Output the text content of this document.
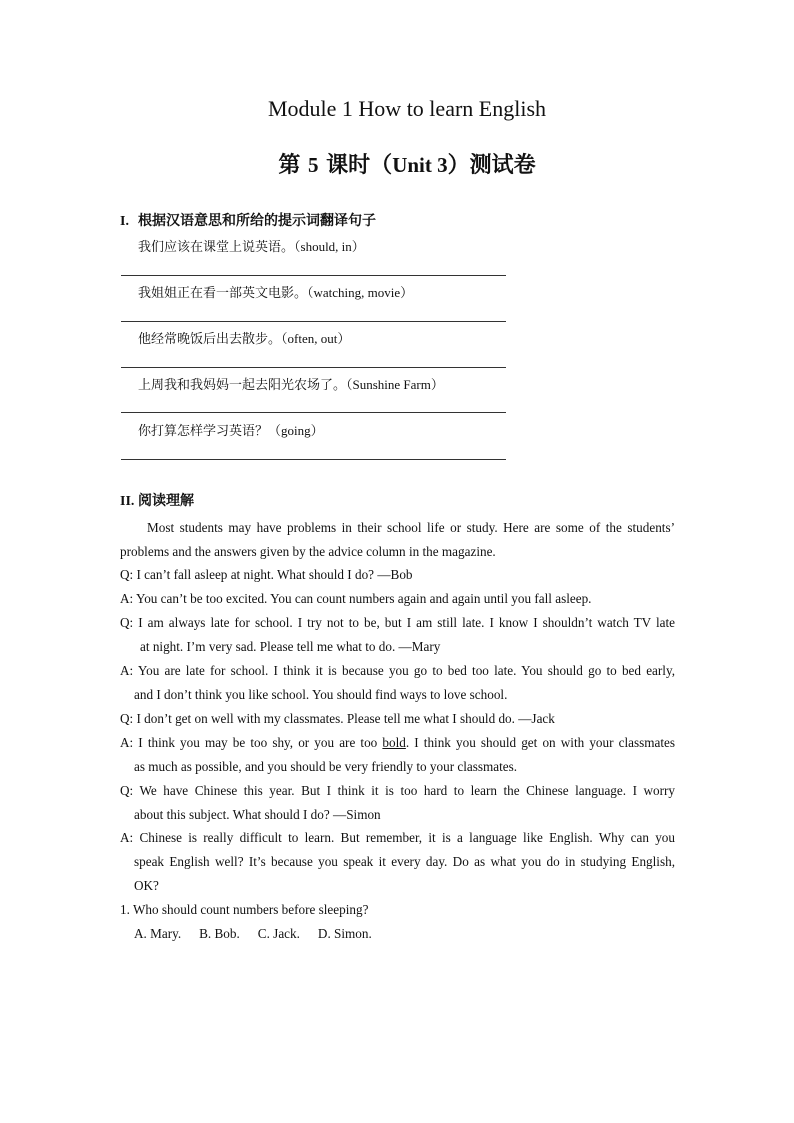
Module 1 How to learn English
第 5 课时（Unit 3）测试卷
I. 根据汉语意思和所给的提示词翻译句子
我们应该在课堂上说英语。（should, in）
我姐姐正在看一部英文电影。（watching, movie）
他经常晚饭后出去散步。（often, out）
上周我和我妈妈一起去阳光农场了。（Sunshine Farm）
你打算怎样学习英语？（going）
II. 阅读理解
Most students may have problems in their school life or study. Here are some of the students’
problems and the answers given by the advice column in the magazine.
Q: I can’t fall asleep at night. What should I do? —Bob
A: You can’t be too excited. You can count numbers again and again until you fall asleep.
Q: I am always late for school. I try not to be, but I am still late. I know I shouldn’t watch TV late
at night. I’m very sad. Please tell me what to do. —Mary
A: You are late for school. I think it is because you go to bed too late. You should go to bed early,
and I don’t think you like school. You should find ways to love school.
Q: I don’t get on well with my classmates. Please tell me what I should do. —Jack
A: I think you may be too shy, or you are too bold. I think you should get on with your classmates
as much as possible, and you should be very friendly to your classmates.
Q: We have Chinese this year. But I think it is too hard to learn the Chinese language. I worry
about this subject. What should I do? —Simon
A: Chinese is really difficult to learn. But remember, it is a language like English. Why can you
speak English well? It’s because you speak it every day. Do as what you do in studying English,
OK?
1. Who should count numbers before sleeping?
A. Mary. B. Bob. C. Jack. D. Simon.
